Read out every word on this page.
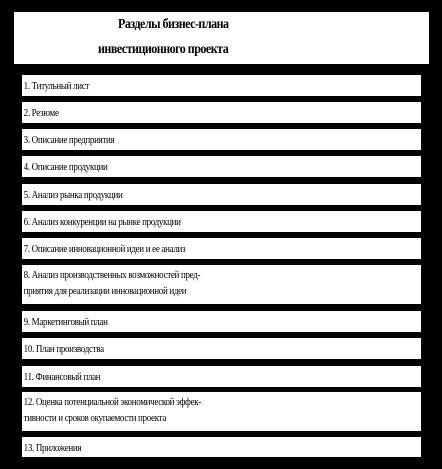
Разделы бизнес-плана
инвестиционного проекта
1. Титульный лист
2. Резюме
3. Описание предприятия
4. Описание продукции
5. Анализ рынка продукции
6. Анализ конкуренции на рынке продукции
7. Описание инновационной идеи и ее анализ
8. Анализ производственных возможностей пред-
приятия для реализации инновационной идеи
9. Маркетинговый план
10. План производства
11. Финансовый план
12. Оценка потенциальной экономической эффек-
тивности и сроков окупаемости проекта
13. Приложения
